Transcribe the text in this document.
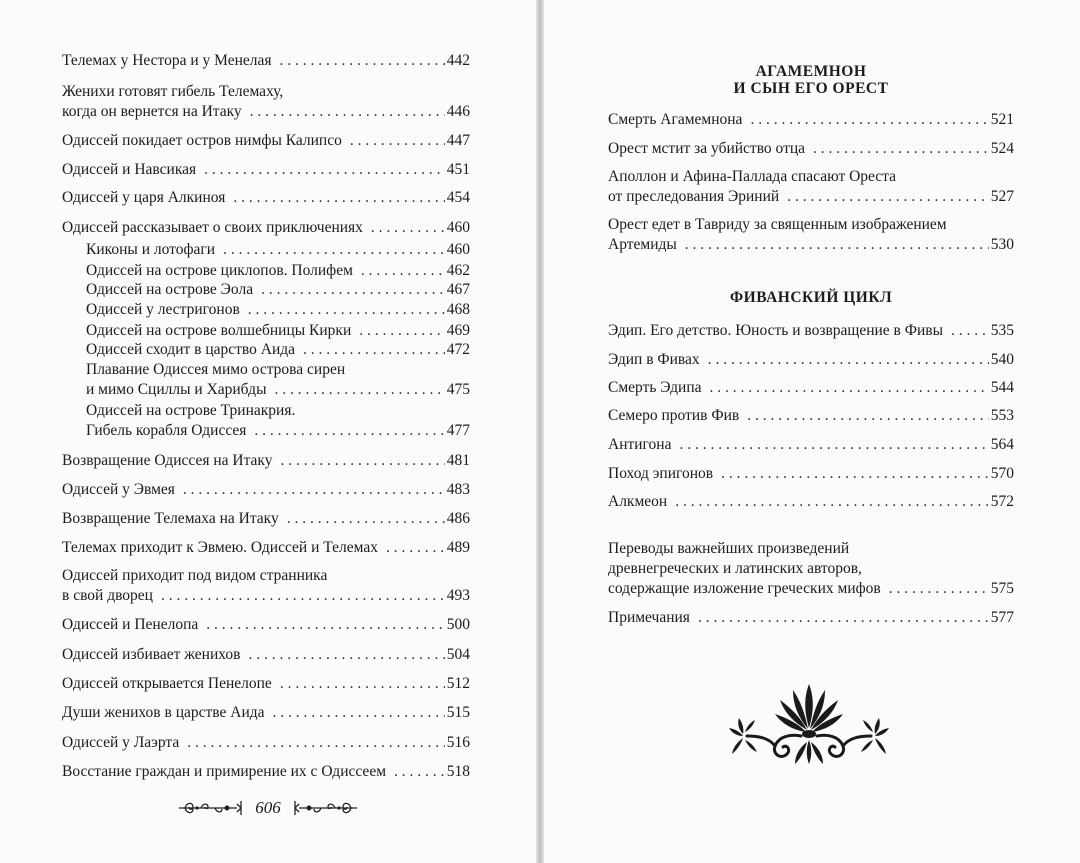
Телемах у Нестора и у Менелая . . .	442
Женихи готовят гибель Телемаху,
когда он вернется на Итаку . . .	446
Одиссей покидает остров нимфы Калипсо . . .	447
Одиссей и Навсикая . . .	451
Одиссей у царя Алкиноя . . .	454
Одиссей рассказывает о своих приключениях . . .	460
Киконы и лотофаги . . .	460
Одиссей на острове циклопов. Полифем . . .	462
Одиссей на острове Эола . . .	467
Одиссей у лестригонов . . .	468
Одиссей на острове волшебницы Кирки . . .	469
Одиссей сходит в царство Аида . . .	472
Плавание Одиссея мимо острова сирен
и мимо Сциллы и Харибды . . .	475
Одиссей на острове Тринакрия.
Гибель корабля Одиссея . . .	477
Возвращение Одиссея на Итаку . . .	481
Одиссей у Эвмея . . .	483
Возвращение Телемаха на Итаку . . .	486
Телемах приходит к Эвмею. Одиссей и Телемах . . .	489
Одиссей приходит под видом странника
в свой дворец . . .	493
Одиссей и Пенелопа . . .	500
Одиссей избивает женихов . . .	504
Одиссей открывается Пенелопе . . .	512
Души женихов в царстве Аида . . .	515
Одиссей у Лаэрта . . .	516
Восстание граждан и примирение их с Одиссеем . . .	518
606
АГАМЕМНОН
И СЫН ЕГО ОРЕСТ
Смерть Агамемнона . . .	521
Орест мстит за убийство отца . . .	524
Аполлон и Афина-Паллада спасают Ореста
от преследования Эриний . . .	527
Орест едет в Тавриду за священным изображением
Артемиды . . .	530
ФИВАНСКИЙ ЦИКЛ
Эдип. Его детство. Юность и возвращение в Фивы . . .	535
Эдип в Фивах . . .	540
Смерть Эдипа . . .	544
Семеро против Фив . . .	553
Антигона . . .	564
Поход эпигонов . . .	570
Алкмеон . . .	572
Переводы важнейших произведений
древнегреческих и латинских авторов,
содержащие изложение греческих мифов . . .	575
Примечания . . .	577
